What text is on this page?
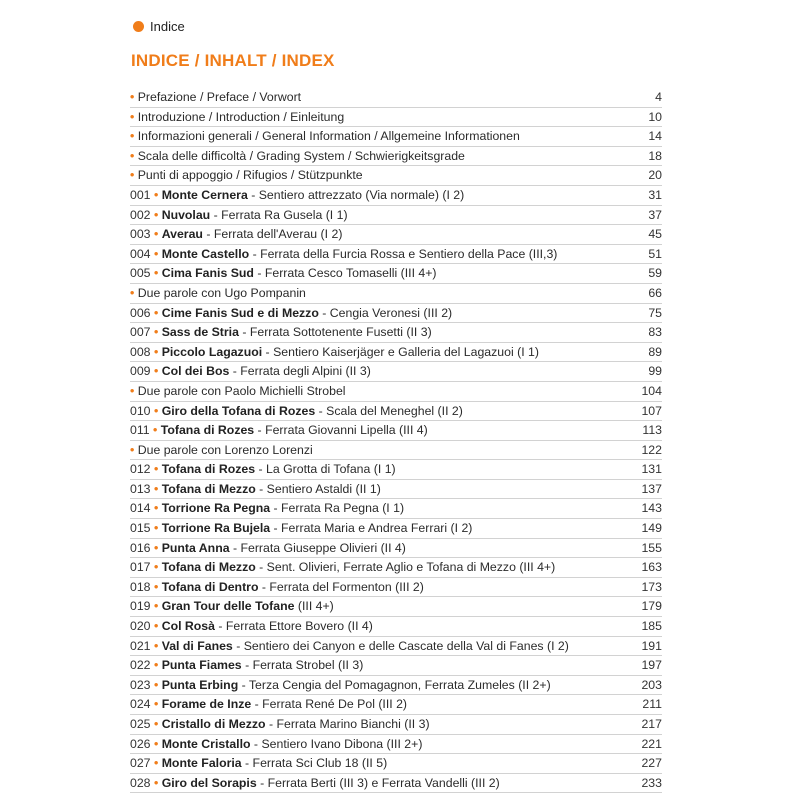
Indice
INDICE / INHALT / INDEX
• Prefazione / Preface / Vorwort	4
• Introduzione / Introduction / Einleitung	10
• Informazioni generali / General Information / Allgemeine Informationen	14
• Scala delle difficoltà / Grading System / Schwierigkeitsgrade	18
• Punti di appoggio / Rifugios / Stützpunkte	20
001 • Monte Cernera - Sentiero attrezzato (Via normale) (I 2)	31
002 • Nuvolau - Ferrata Ra Gusela (I 1)	37
003 • Averau - Ferrata dell'Averau (I 2)	45
004 • Monte Castello - Ferrata della Furcia Rossa e Sentiero della Pace (III,3)	51
005 • Cima Fanis Sud - Ferrata Cesco Tomaselli (III 4+)	59
• Due parole con Ugo Pompanin	66
006 • Cime Fanis Sud e di Mezzo - Cengia Veronesi (III 2)	75
007 • Sass de Stria - Ferrata Sottotenente Fusetti (II 3)	83
008 • Piccolo Lagazuoi - Sentiero Kaiserjäger e Galleria del Lagazuoi (I 1)	89
009 • Col dei Bos - Ferrata degli Alpini (II 3)	99
• Due parole con Paolo Michielli Strobel	104
010 • Giro della Tofana di Rozes - Scala del Meneghel (II 2)	107
011 • Tofana di Rozes - Ferrata Giovanni Lipella (III 4)	113
• Due parole con Lorenzo Lorenzi	122
012 • Tofana di Rozes - La Grotta di Tofana (I 1)	131
013 • Tofana di Mezzo - Sentiero Astaldi (II 1)	137
014 • Torrione Ra Pegna - Ferrata Ra Pegna (I 1)	143
015 • Torrione Ra Bujela - Ferrata Maria e Andrea Ferrari (I 2)	149
016 • Punta Anna - Ferrata Giuseppe Olivieri (II 4)	155
017 • Tofana di Mezzo - Sent. Olivieri, Ferrate Aglio e Tofana di Mezzo (III 4+)	163
018 • Tofana di Dentro - Ferrata del Formenton (III 2)	173
019 • Gran Tour delle Tofane (III 4+)	179
020 • Col Rosà - Ferrata Ettore Bovero (II 4)	185
021 • Val di Fanes - Sentiero dei Canyon e delle Cascate della Val di Fanes (I 2)	191
022 • Punta Fiames - Ferrata Strobel (II 3)	197
023 • Punta Erbing - Terza Cengia del Pomagagnon, Ferrata Zumeles (II 2+)	203
024 • Forame de Inze - Ferrata René De Pol (III 2)	211
025 • Cristallo di Mezzo - Ferrata Marino Bianchi (II 3)	217
026 • Monte Cristallo - Sentiero Ivano Dibona (III 2+)	221
027 • Monte Faloria - Ferrata Sci Club 18 (II 5)	227
028 • Giro del Sorapis - Ferrata Berti (III 3) e Ferrata Vandelli (III 2)	233
